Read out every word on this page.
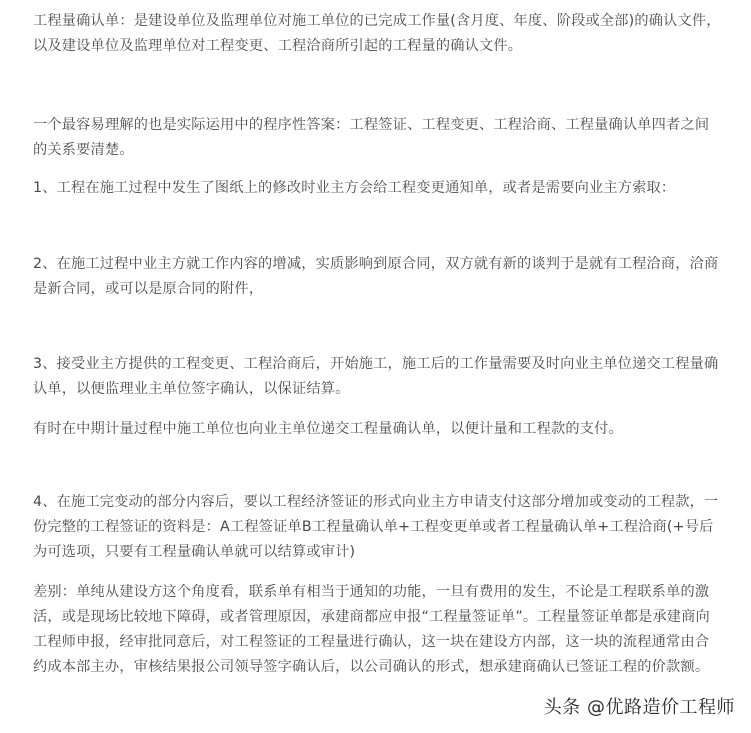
工程量确认单：是建设单位及监理单位对施工单位的已完成工作量(含月度、年度、阶段或全部)的确认文件，以及建设单位及监理单位对工程变更、工程洽商所引起的工程量的确认文件。

一个最容易理解的也是实际运用中的程序性答案：工程签证、工程变更、工程洽商、工程量确认单四者之间的关系要清楚。

1、工程在施工过程中发生了图纸上的修改时业主方会给工程变更通知单，或者是需要向业主方索取：

2、在施工过程中业主方就工作内容的增减，实质影响到原合同，双方就有新的谈判于是就有工程洽商，洽商是新合同，或可以是原合同的附件，

3、接受业主方提供的工程变更、工程洽商后，开始施工，施工后的工作量需要及时向业主单位递交工程量确认单，以便监理业主单位签字确认，以保证结算。

有时在中期计量过程中施工单位也向业主单位递交工程量确认单，以便计量和工程款的支付。

4、在施工完变动的部分内容后，要以工程经济签证的形式向业主方申请支付这部分增加或变动的工程款，一份完整的工程签证的资料是：A工程签证单B工程量确认单+工程变更单或者工程量确认单+工程洽商(+号后为可选项，只要有工程量确认单就可以结算或审计)

差别：单纯从建设方这个角度看，联系单有相当于通知的功能，一旦有费用的发生，不论是工程联系单的激活，或是现场比较地下障碍，或者管理原因，承建商都应申报“工程量签证单”。工程量签证单都是承建商向工程师申报，经审批同意后，对工程签证的工程量进行确认，这一块在建设方内部，这一块的流程通常由合约成本部主办，审核结果报公司领导签字确认后，以公司确认的形式，想承建商确认已签证工程的价款额。

头条 @优路造价工程师
